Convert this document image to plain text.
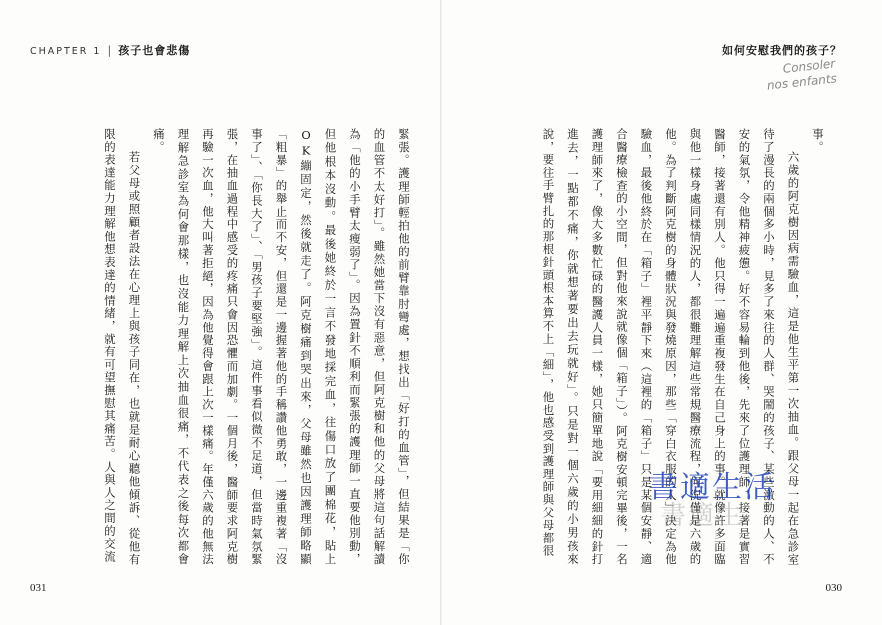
CHAPTER 1 | 孩子也會悲傷	如何安慰我們的孩子？
Consoler
nos enfants

緊張。護理師輕拍他的前臂靠肘彎處，想找出「好打的血管」，但結果是「你的血管不太好打」。雖然她當下沒有惡意，但阿克樹和他的父母將這句話解讀為「他的小手臂太瘦弱了」。因為置針不順利而緊張的護理師一直要他別動，但他根本沒動。最後她終於一言不發地採完血，往傷口放了團棉花，貼上OK繃固定，然後就走了。阿克樹痛到哭出來，父母雖然也因護理師略顯「粗暴」的舉止而不安，但還是一邊握著他的手稱讚他勇敢，一邊重複著「沒事了」、「你長大了」、「男孩子要堅強」。這件事看似微不足道，但當時氣氛緊張，在抽血過程中感受的疼痛只會因恐懼而加劇。一個月後，醫師要求阿克樹再驗一次血，他大叫著拒絕，因為他覺得會跟上次一樣痛。年僅六歲的他無法理解急診室為何會那樣，也沒能力理解上次抽血很痛，不代表之後每次都會痛。

若父母或照顧者設法在心理上與孩子同在，也就是耐心聽他傾訴、從他有限的表達能力理解他想表達的情緒，就有可望撫慰其痛苦。人與人之間的交流	事。

六歲的阿克樹因病需驗血，這是他生平第一次抽血。跟父母一起在急診室待了漫長的兩個多小時，見多了來往的人群、哭鬧的孩子、某些激動的人、不安的氣氛，令他精神疲憊。好不容易輪到他後，先來了位護理師，接著是實習醫師，接著還有別人。他只得一遍遍重複發生在自己身上的事。就像許多面臨與他一樣身處同樣情況的人，都很難理解這些常規醫療流程，何況僅是六歲的他。為了判斷阿克樹的身體狀況與發燒原因，那些「穿白衣服的人」決定為他驗血，最後他終於在「箱子」裡平靜下來（這裡的「箱子」只是某個安靜、適合醫療檢查的小空間，但對他來說就像個「箱子」）。阿克樹安頓完畢後，一名護理師來了，像大多數忙碌的醫護人員一樣，她只簡單地說「要用細細的針打進去，一點都不痛，你就想著要出去玩就好」。只是對一個六歲的小男孩來說，要往手臂扎的那根針頭根本算不上「細」，他也感受到護理師與父母都很	書適生活
031	030
